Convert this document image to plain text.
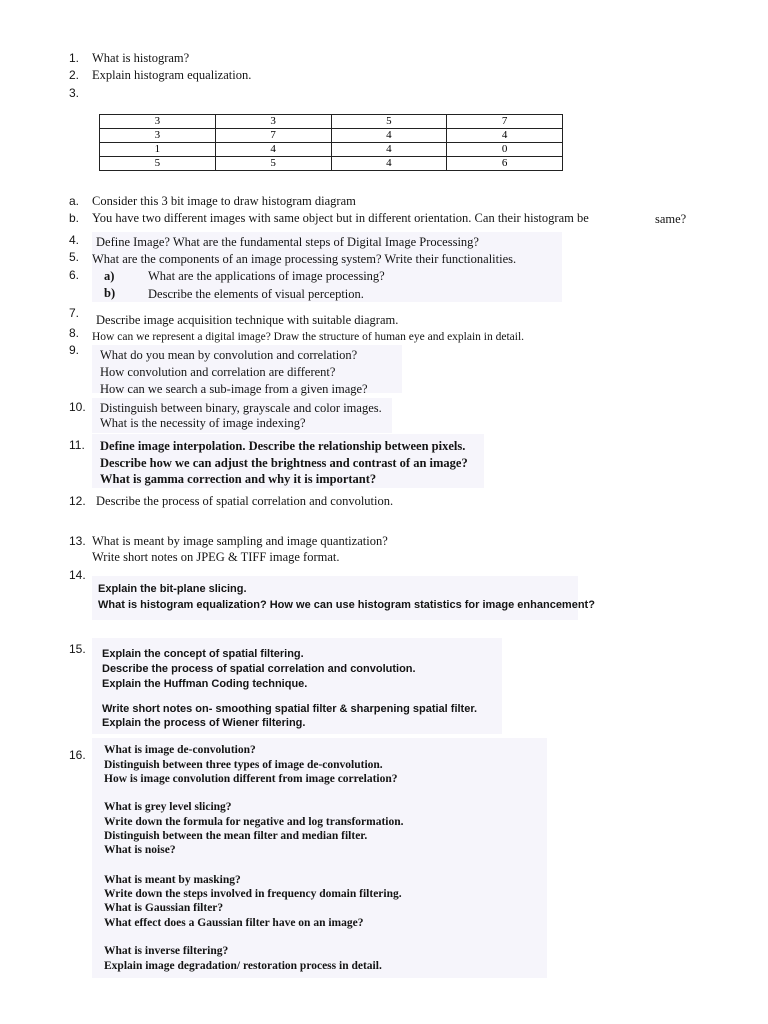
1. What is histogram?
2. Explain histogram equalization.
3.
3	3	5	7
3	7	4	4
1	4	4	0
5	5	4	6
a. Consider this 3 bit image to draw histogram diagram
b. You have two different images with same object but in different orientation. Can their histogram be	same?
4. Define Image? What are the fundamental steps of Digital Image Processing?
5. What are the components of an image processing system? Write their functionalities.
6. a)	What are the applications of image processing?
b)	Describe the elements of visual perception.
7. Describe image acquisition technique with suitable diagram.
8. How can we represent a digital image? Draw the structure of human eye and explain in detail.
9. What do you mean by convolution and correlation?
How convolution and correlation are different?
How can we search a sub-image from a given image?
10. Distinguish between binary, grayscale and color images.
What is the necessity of image indexing?
11. Define image interpolation. Describe the relationship between pixels.
Describe how we can adjust the brightness and contrast of an image?
What is gamma correction and why it is important?
12. Describe the process of spatial correlation and convolution.
13. What is meant by image sampling and image quantization?
Write short notes on JPEG & TIFF image format.
14.
Explain the bit-plane slicing.
What is histogram equalization? How we can use histogram statistics for image enhancement?
15. Explain the concept of spatial filtering.
Describe the process of spatial correlation and convolution.
Explain the Huffman Coding technique.
Write short notes on- smoothing spatial filter & sharpening spatial filter.
Explain the process of Wiener filtering.
16. What is image de-convolution?
Distinguish between three types of image de-convolution.
How is image convolution different from image correlation?
What is grey level slicing?
Write down the formula for negative and log transformation.
Distinguish between the mean filter and median filter.
What is noise?
What is meant by masking?
Write down the steps involved in frequency domain filtering.
What is Gaussian filter?
What effect does a Gaussian filter have on an image?
What is inverse filtering?
Explain image degradation/ restoration process in detail.
